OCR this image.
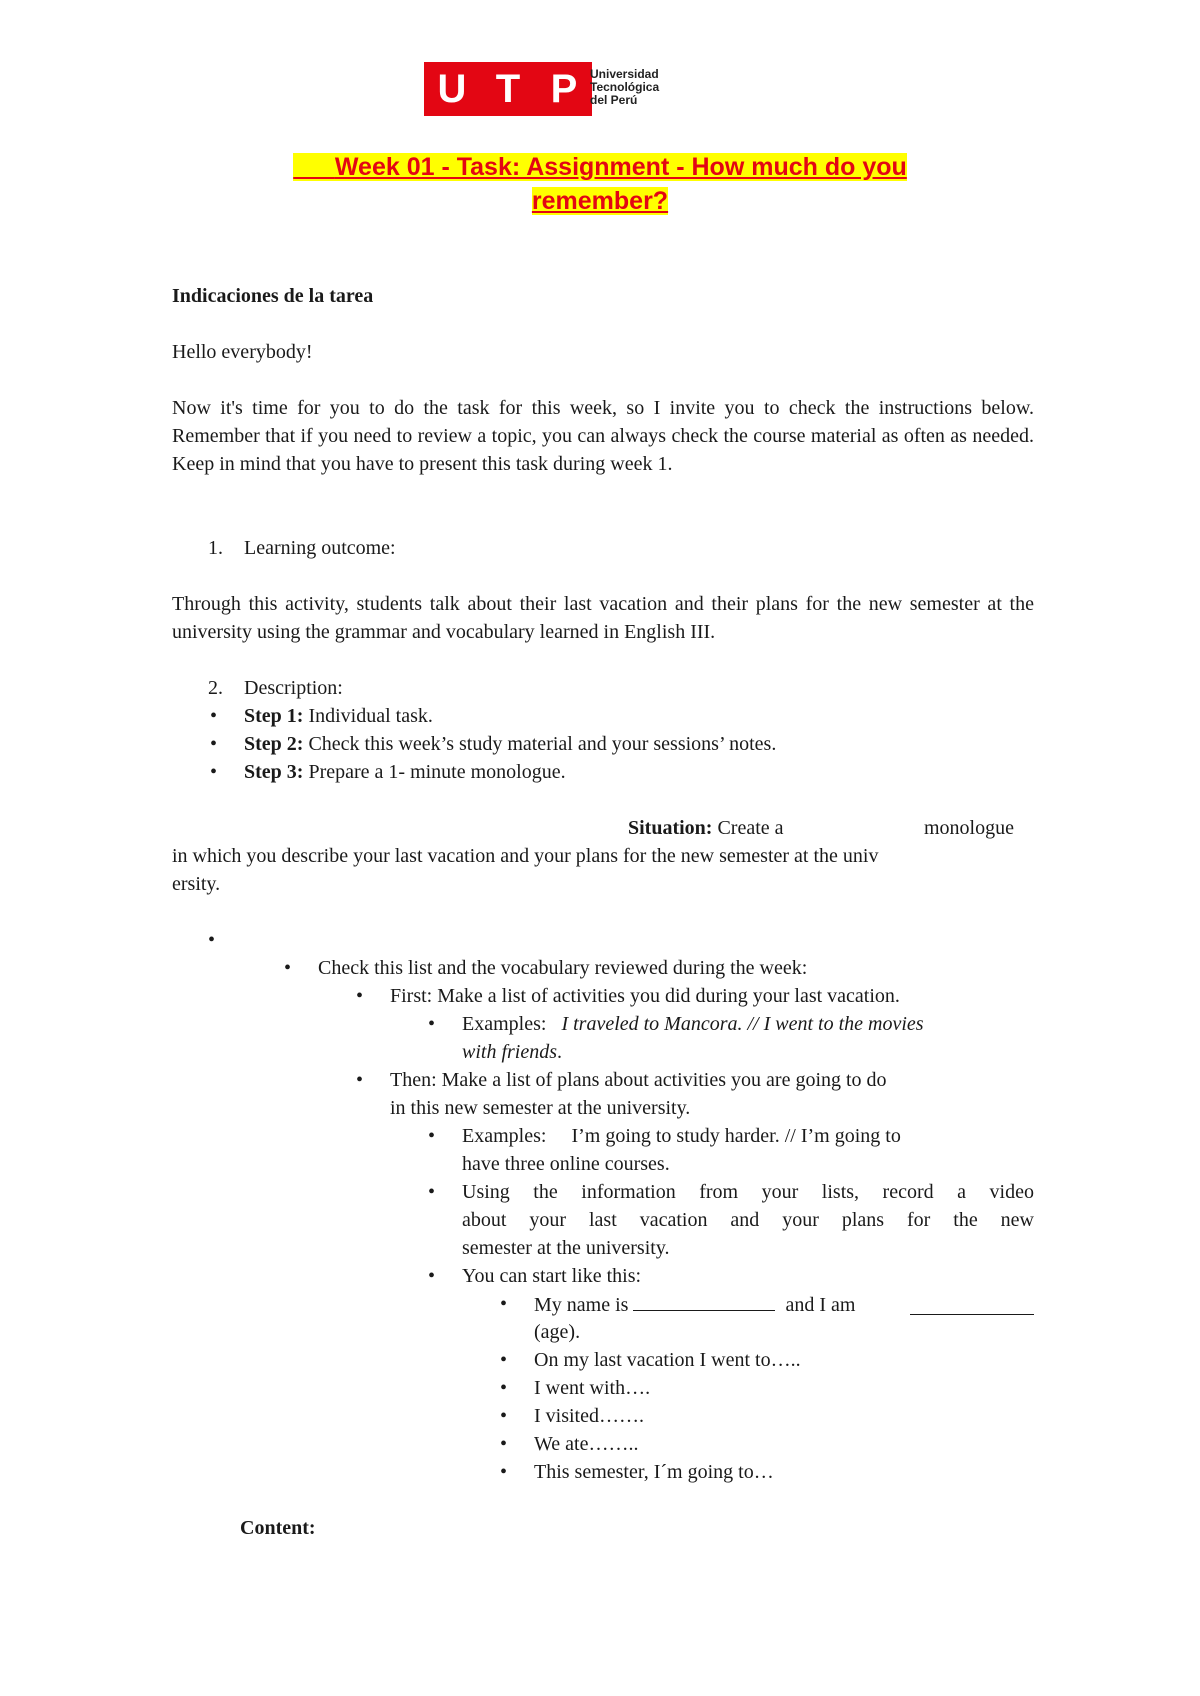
U T P	Universidad
Tecnológica
del Perú
Week 01 - Task: Assignment - How much do you
remember?
Indicaciones de la tarea
Hello everybody!
Now it's time for you to do the task for this week, so I invite you to check the instructions below. Remember that if you need to review a topic, you can always check the course material as often as needed. Keep in mind that you have to present this task during week 1.
1. Learning outcome:
Through this activity, students talk about their last vacation and their plans for the new semester at the university using the grammar and vocabulary learned in English III.
2. Description:
• Step 1: Individual task.
• Step 2: Check this week’s study material and your sessions’ notes.
• Step 3: Prepare a 1- minute monologue.
Situation: Create a	monologue
in which you describe your last vacation and your plans for the new semester at the univ
ersity.
•
• Check this list and the vocabulary reviewed during the week:
• First: Make a list of activities you did during your last vacation.
• Examples: I traveled to Mancora. // I went to the movies
with friends.
• Then: Make a list of plans about activities you are going to do
in this new semester at the university.
• Examples: I’m going to study harder. // I’m going to
have three online courses.
• Using the information from your lists, record a video
about your last vacation and your plans for the new
semester at the university.
• You can start like this:
• My name is	and I am
(age).
• On my last vacation I went to…..
• I went with….
• I visited…….
• We ate……..
• This semester, I´m going to…
Content:
